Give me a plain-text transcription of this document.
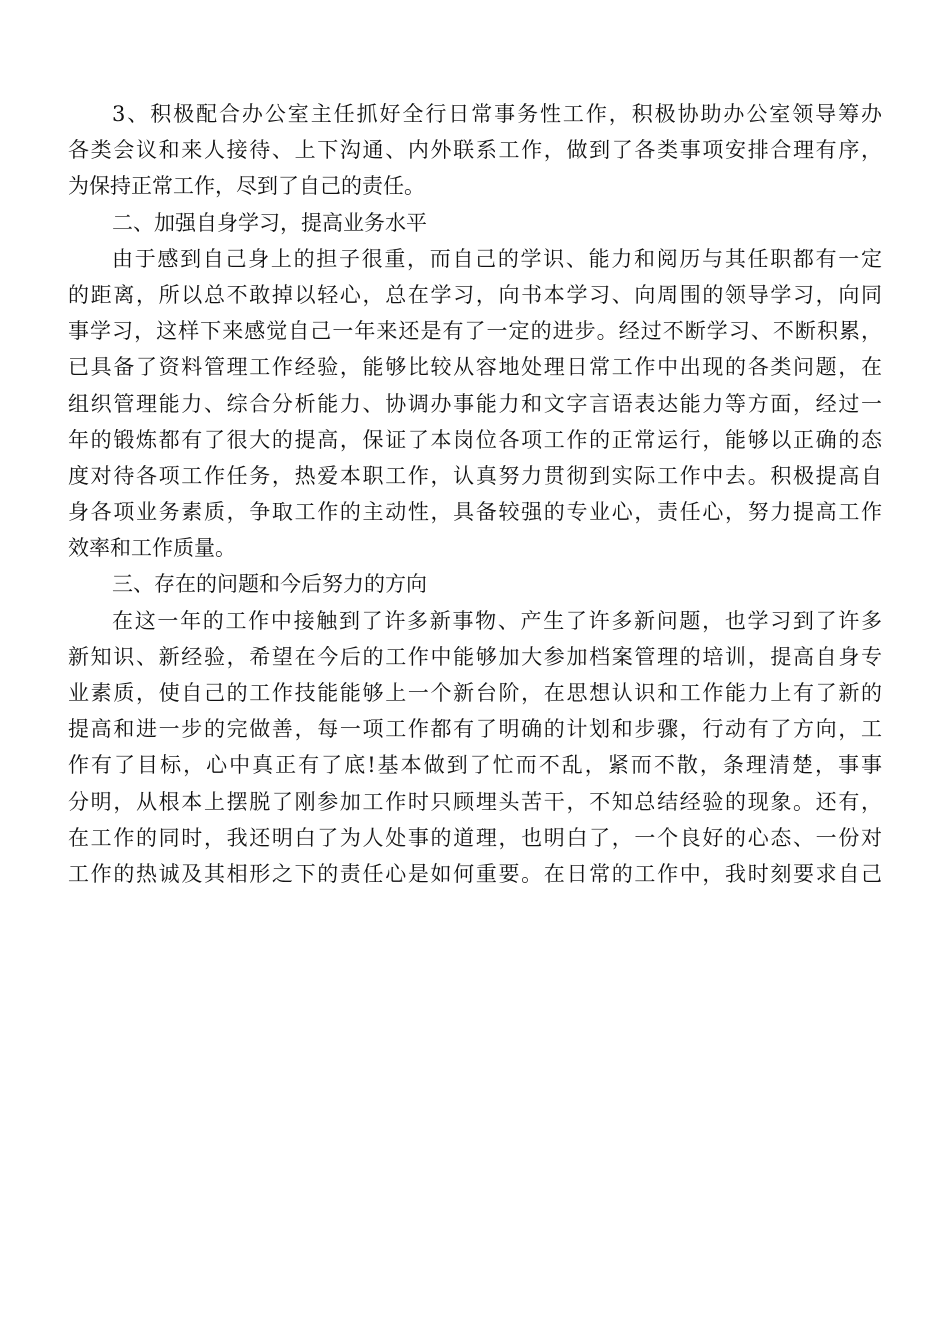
3、积极配合办公室主任抓好全行日常事务性工作，积极协助办公室领导筹办
各类会议和来人接待、上下沟通、内外联系工作，做到了各类事项安排合理有序，
为保持正常工作，尽到了自己的责任。
二、加强自身学习，提高业务水平
由于感到自己身上的担子很重，而自己的学识、能力和阅历与其任职都有一定
的距离，所以总不敢掉以轻心，总在学习，向书本学习、向周围的领导学习，向同
事学习，这样下来感觉自己一年来还是有了一定的进步。经过不断学习、不断积累，
已具备了资料管理工作经验，能够比较从容地处理日常工作中出现的各类问题，在
组织管理能力、综合分析能力、协调办事能力和文字言语表达能力等方面，经过一
年的锻炼都有了很大的提高，保证了本岗位各项工作的正常运行，能够以正确的态
度对待各项工作任务，热爱本职工作，认真努力贯彻到实际工作中去。积极提高自
身各项业务素质，争取工作的主动性，具备较强的专业心，责任心，努力提高工作
效率和工作质量。
三、存在的问题和今后努力的方向
在这一年的工作中接触到了许多新事物、产生了许多新问题，也学习到了许多
新知识、新经验，希望在今后的工作中能够加大参加档案管理的培训，提高自身专
业素质，使自己的工作技能能够上一个新台阶，在思想认识和工作能力上有了新的
提高和进一步的完做善，每一项工作都有了明确的计划和步骤，行动有了方向，工
作有了目标，心中真正有了底!基本做到了忙而不乱，紧而不散，条理清楚，事事
分明，从根本上摆脱了刚参加工作时只顾埋头苦干，不知总结经验的现象。还有，
在工作的同时，我还明白了为人处事的道理，也明白了，一个良好的心态、一份对
工作的热诚及其相形之下的责任心是如何重要。在日常的工作中，我时刻要求自己
